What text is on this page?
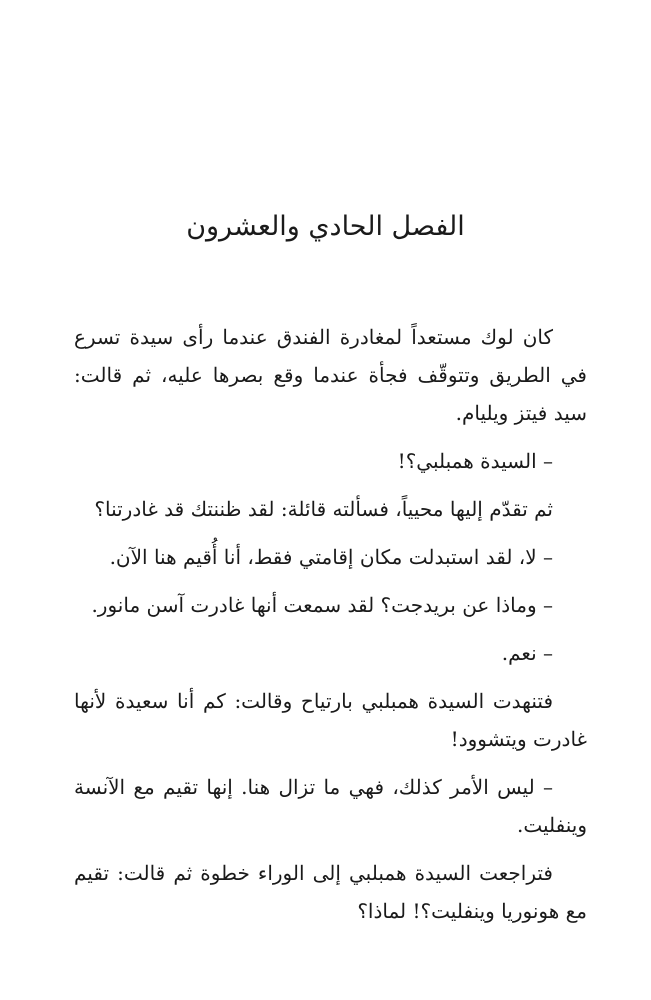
الفصل الحادي والعشرون

كان لوك مستعداً لمغادرة الفندق عندما رأى سيدة تسرع في الطريق وتتوقّف فجأة عندما وقع بصرها عليه، ثم قالت: سيد فيتز ويليام.

– السيدة همبلبي؟!

ثم تقدّم إليها محيياً، فسألته قائلة: لقد ظننتك قد غادرتنا؟

– لا، لقد استبدلت مكان إقامتي فقط، أنا أُقيم هنا الآن.

– وماذا عن بريدجت؟ لقد سمعت أنها غادرت آسن مانور.

– نعم.

فتنهدت السيدة همبلبي بارتياح وقالت: كم أنا سعيدة لأنها غادرت ويتشوود!

– ليس الأمر كذلك، فهي ما تزال هنا. إنها تقيم مع الآنسة وينفليت.

فتراجعت السيدة همبلبي إلى الوراء خطوة ثم قالت: تقيم مع هونوريا وينفليت؟! لماذا؟
